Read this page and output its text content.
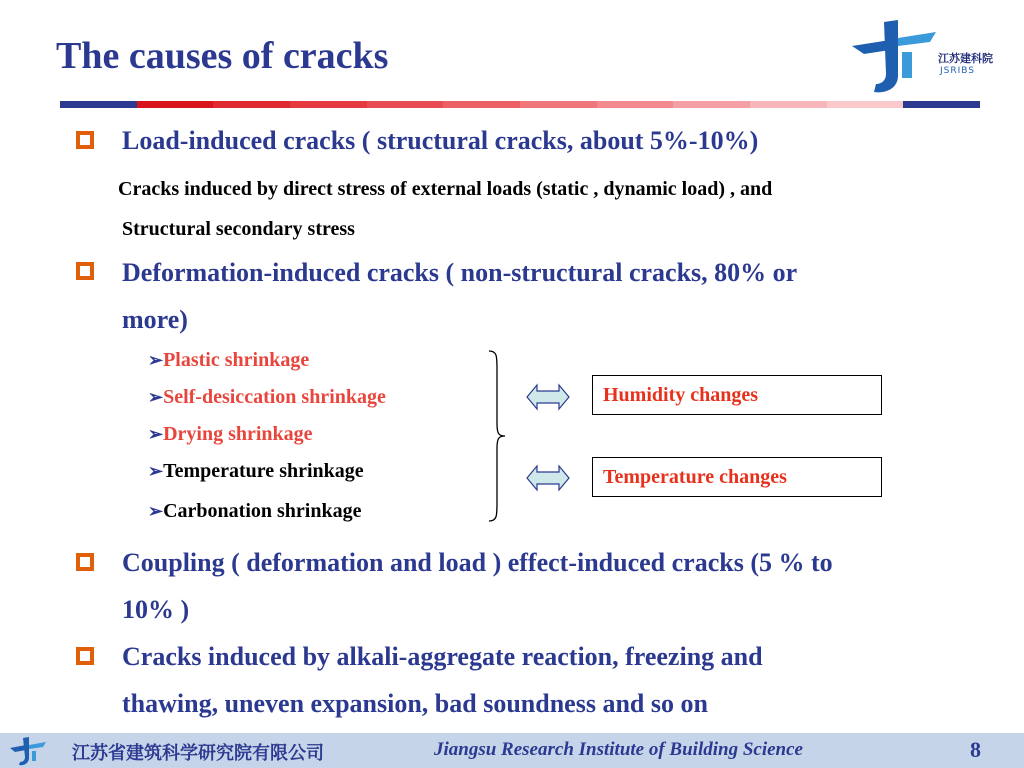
The causes of cracks	江苏建科院
JSRIBS
Load-induced cracks ( structural cracks, about 5%-10%)
Cracks induced by direct stress of external loads (static , dynamic load) , and
Structural secondary stress
Deformation-induced cracks ( non-structural cracks, 80% or
more)
➢Plastic shrinkage
➢Self-desiccation shrinkage
➢Drying shrinkage
➢Temperature shrinkage
➢Carbonation shrinkage
Humidity changes
Temperature changes
Coupling ( deformation and load ) effect-induced cracks (5 % to
10% )
Cracks induced by alkali-aggregate reaction, freezing and
thawing, uneven expansion, bad soundness and so on
江苏省建筑科学研究院有限公司	Jiangsu Research Institute of Building Science	8
